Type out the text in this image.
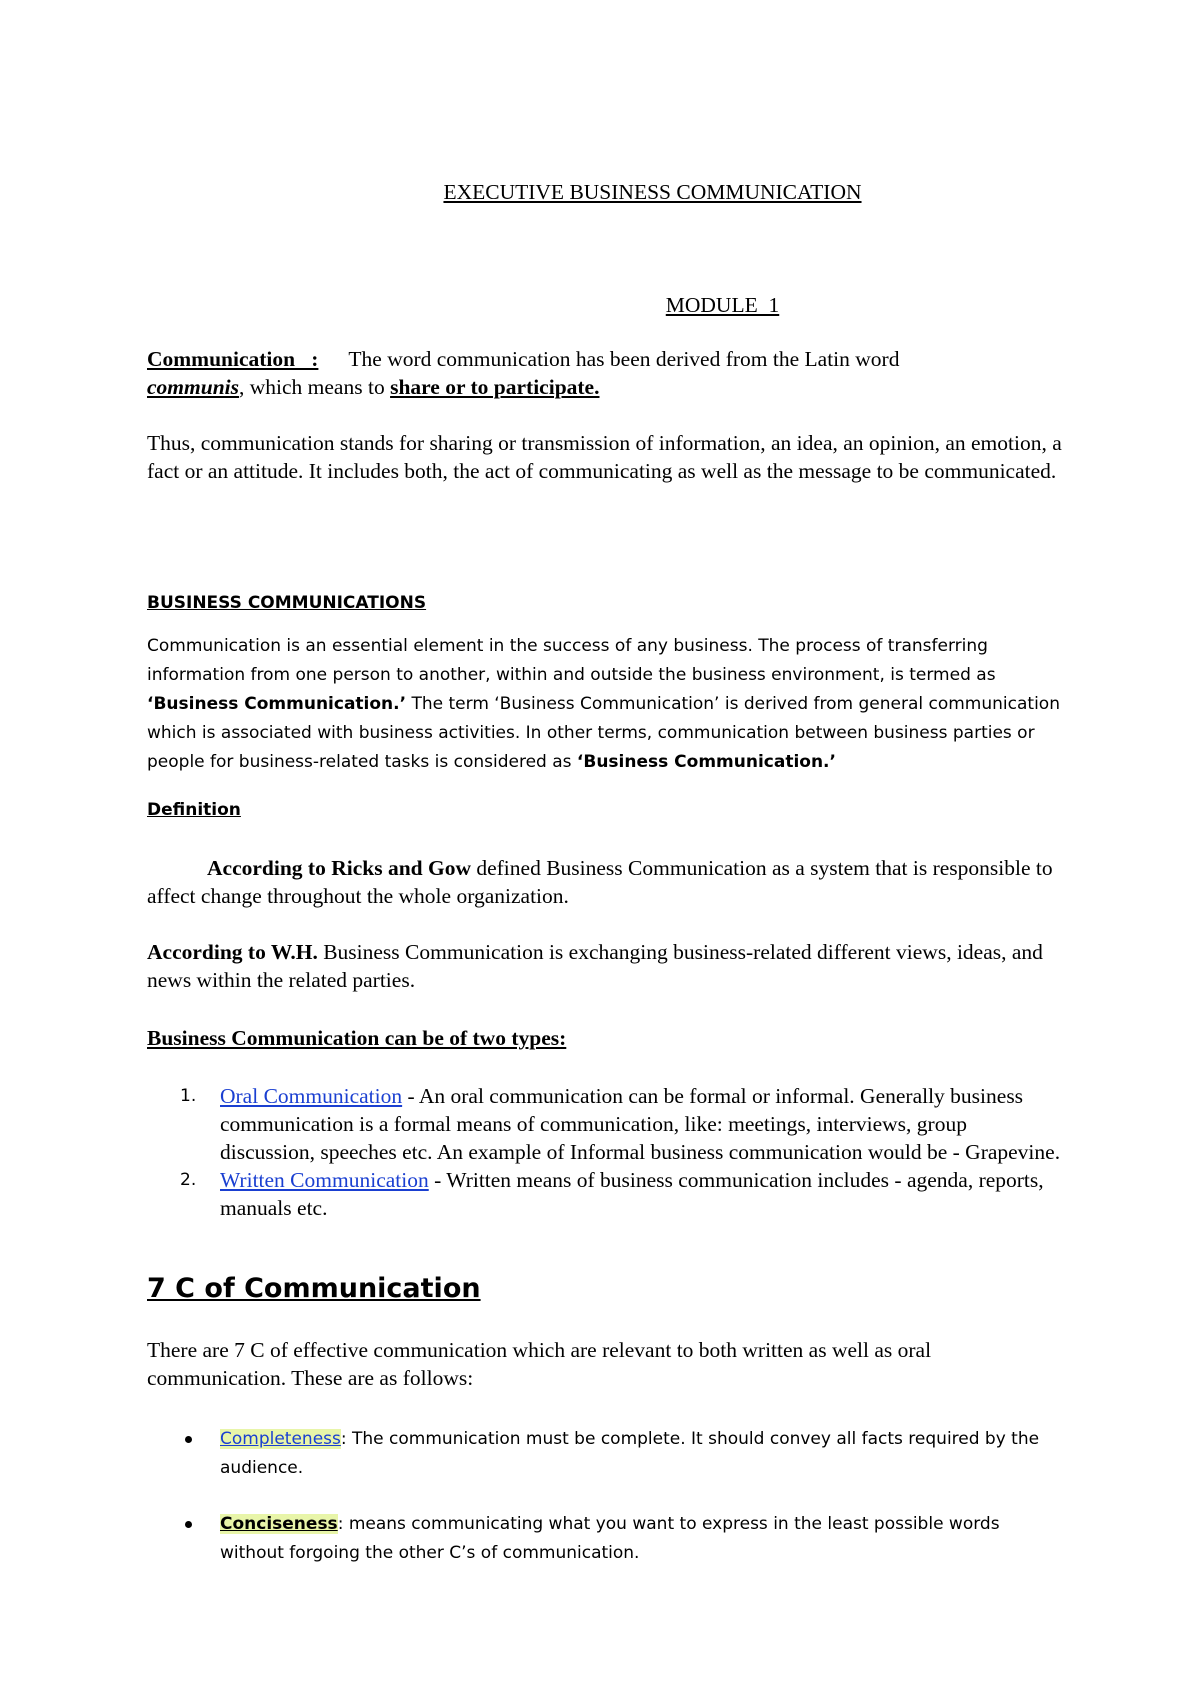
EXECUTIVE BUSINESS COMMUNICATION
MODULE  1

Communication   : The word communication has been derived from the Latin word
communis, which means to share or to participate.

Thus, communication stands for sharing or transmission of information, an idea, an opinion, an emotion, a fact or an attitude. It includes both, the act of communicating as well as the message to be communicated.

BUSINESS COMMUNICATIONS

Communication is an essential element in the success of any business. The process of transferring information from one person to another, within and outside the business environment, is termed as ‘Business Communication.’ The term ‘Business Communication’ is derived from general communication which is associated with business activities. In other terms, communication between business parties or people for business-related tasks is considered as ‘Business Communication.’

Definition

According to Ricks and Gow defined Business Communication as a system that is responsible to affect change throughout the whole organization.

According to W.H. Business Communication is exchanging business-related different views, ideas, and news within the related parties.

Business Communication can be of two types:
1. Oral Communication - An oral communication can be formal or informal. Generally business communication is a formal means of communication, like: meetings, interviews, group discussion, speeches etc. An example of Informal business communication would be - Grapevine.
2. Written Communication - Written means of business communication includes - agenda, reports, manuals etc.
7 C of Communication

There are 7 C of effective communication which are relevant to both written as well as oral communication. These are as follows:

Completeness: The communication must be complete. It should convey all facts required by the audience.
Conciseness: means communicating what you want to express in the least possible words without forgoing the other C’s of communication.
